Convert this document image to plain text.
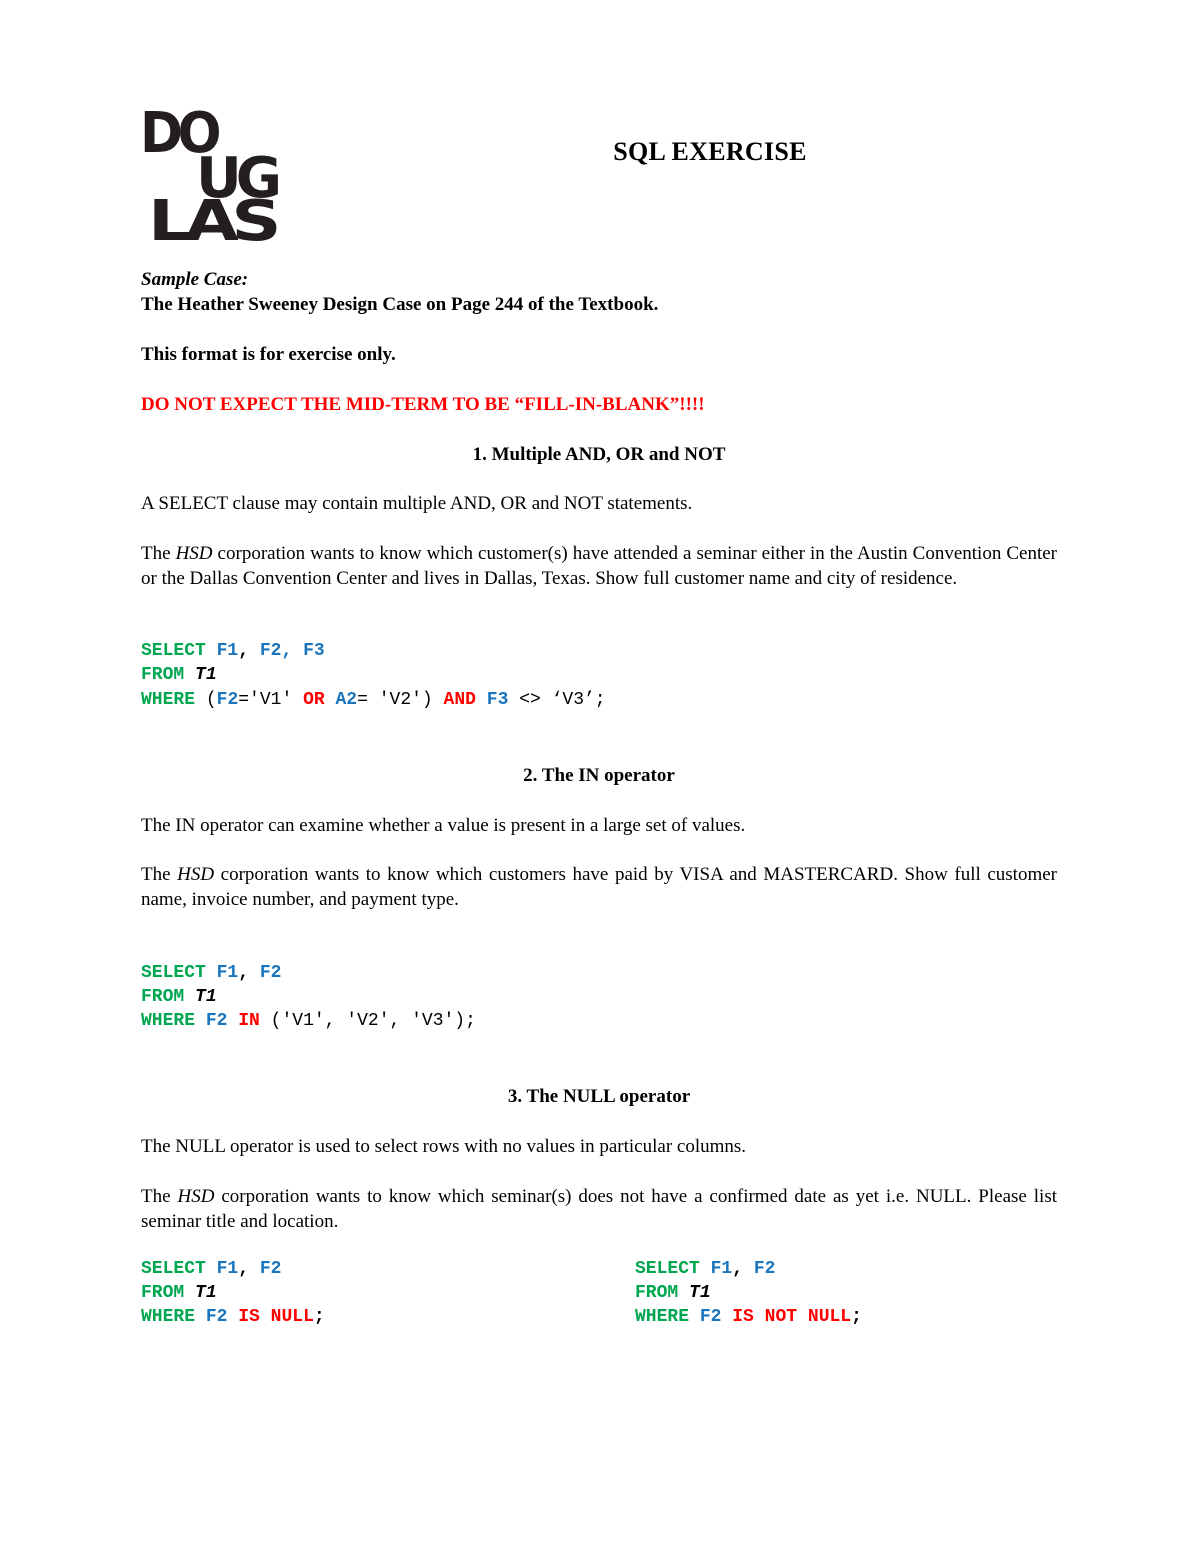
DO
UG
LAS
SQL EXERCISE
Sample Case:
The Heather Sweeney Design Case on Page 244 of the Textbook.
This format is for exercise only.
DO NOT EXPECT THE MID-TERM TO BE “FILL-IN-BLANK”!!!!
1. Multiple AND, OR and NOT
A SELECT clause may contain multiple AND, OR and NOT statements.
The HSD corporation wants to know which customer(s) have attended a seminar either in the Austin Convention Center or the Dallas Convention Center and lives in Dallas, Texas. Show full customer name and city of residence.
SELECT F1, F2, F3
FROM T1
WHERE (F2='V1' OR A2= 'V2') AND F3 <> ‘V3’;
2. The IN operator
The IN operator can examine whether a value is present in a large set of values.
The HSD corporation wants to know which customers have paid by VISA and MASTERCARD. Show full customer name, invoice number, and payment type.
SELECT F1, F2
FROM T1
WHERE F2 IN ('V1', 'V2', 'V3');
3. The NULL operator
The NULL operator is used to select rows with no values in particular columns.
The HSD corporation wants to know which seminar(s) does not have a confirmed date as yet i.e. NULL. Please list seminar title and location.
SELECT F1, F2
FROM T1
WHERE F2 IS NULL;
SELECT F1, F2
FROM T1
WHERE F2 IS NOT NULL;
